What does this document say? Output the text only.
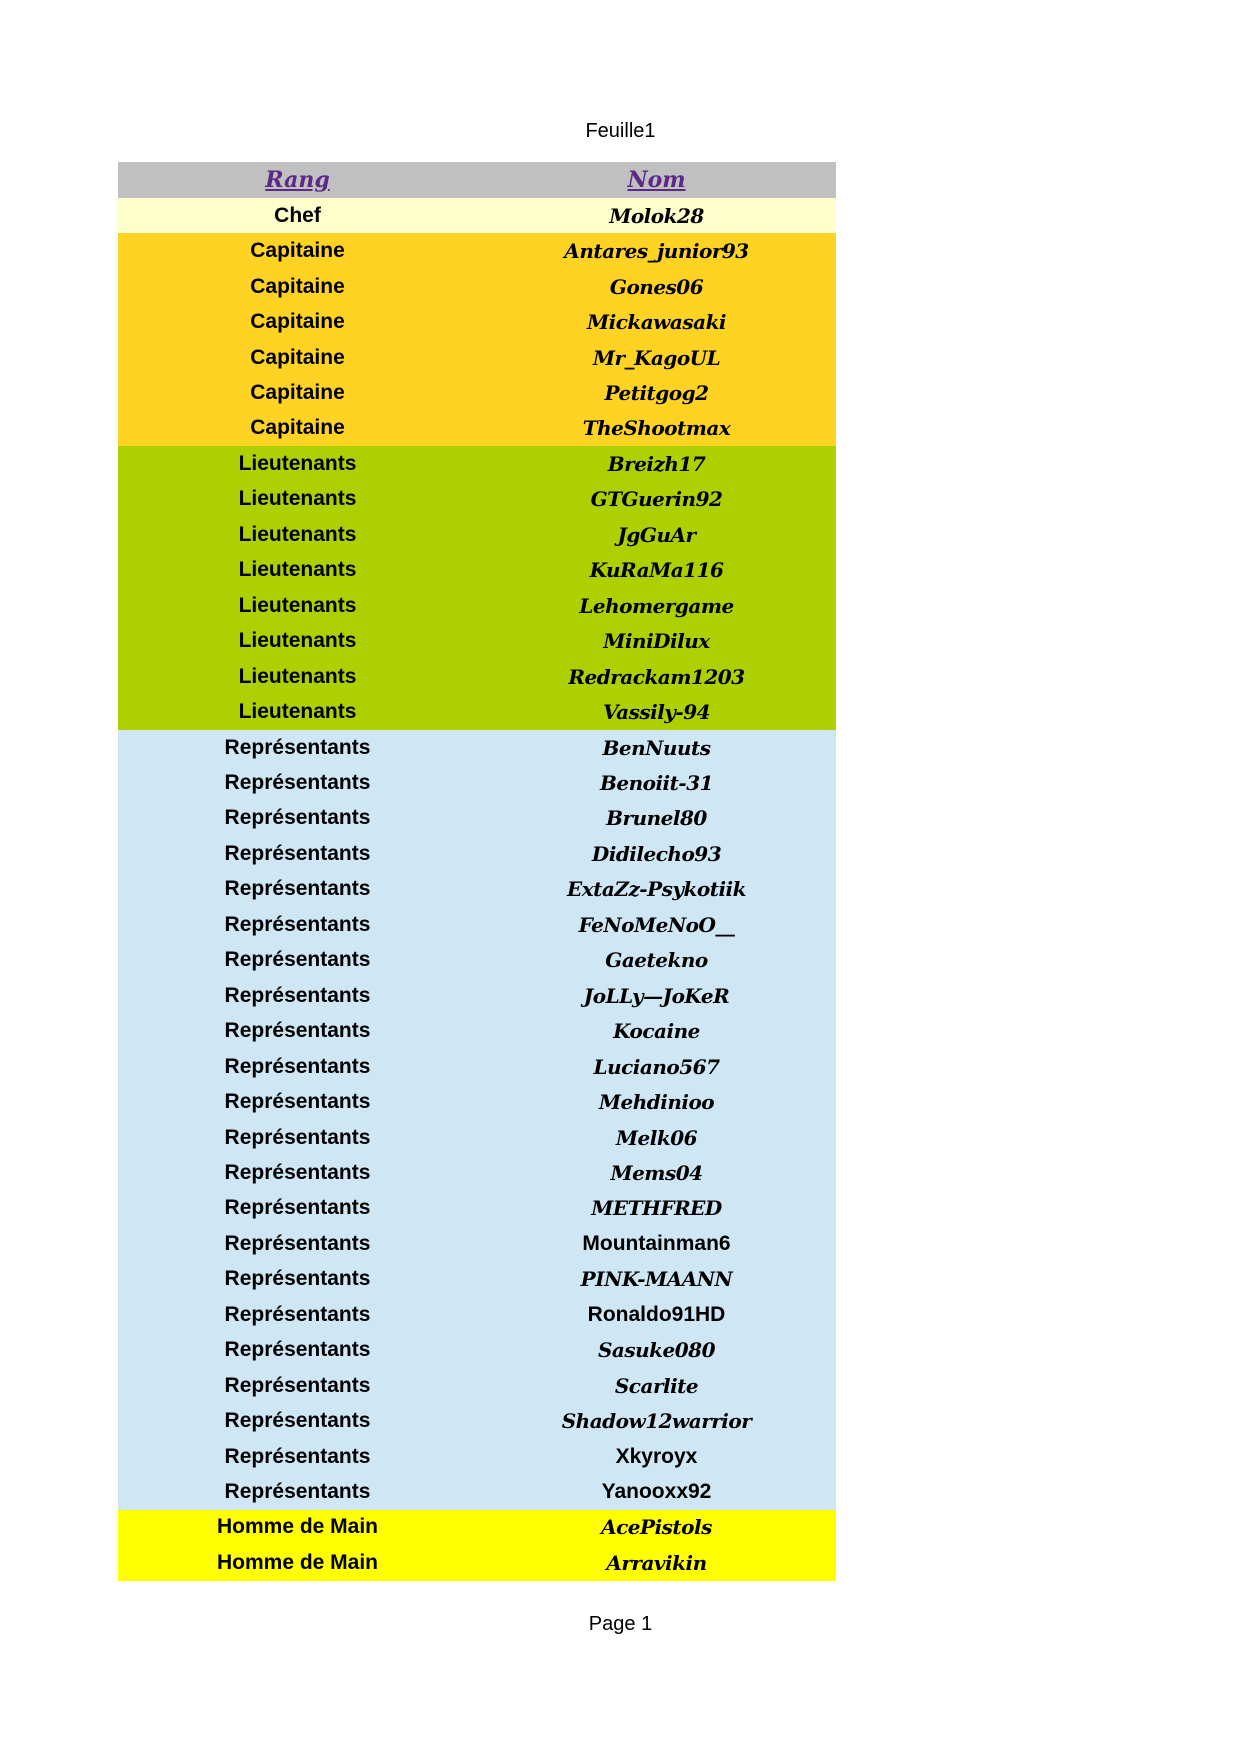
Feuille1
Rang	Nom
Chef	Molok28
Capitaine	Antares_junior93
Capitaine	Gones06
Capitaine	Mickawasaki
Capitaine	Mr_KagoUL
Capitaine	Petitgog2
Capitaine	TheShootmax
Lieutenants	Breizh17
Lieutenants	GTGuerin92
Lieutenants	JgGuAr
Lieutenants	KuRaMa116
Lieutenants	Lehomergame
Lieutenants	MiniDilux
Lieutenants	Redrackam1203
Lieutenants	Vassily-94
Représentants	BenNuuts
Représentants	Benoiit-31
Représentants	Brunel80
Représentants	Didilecho93
Représentants	ExtaZz-Psykotiik
Représentants	FeNoMeNoO__
Représentants	Gaetekno
Représentants	JoLLy—JoKeR
Représentants	Kocaine
Représentants	Luciano567
Représentants	Mehdinioo
Représentants	Melk06
Représentants	Mems04
Représentants	METHFRED
Représentants	Mountainman6
Représentants	PINK-MAANN
Représentants	Ronaldo91HD
Représentants	Sasuke080
Représentants	Scarlite
Représentants	Shadow12warrior
Représentants	Xkyroyx
Représentants	Yanooxx92
Homme de Main	AcePistols
Homme de Main	Arravikin
Page 1
